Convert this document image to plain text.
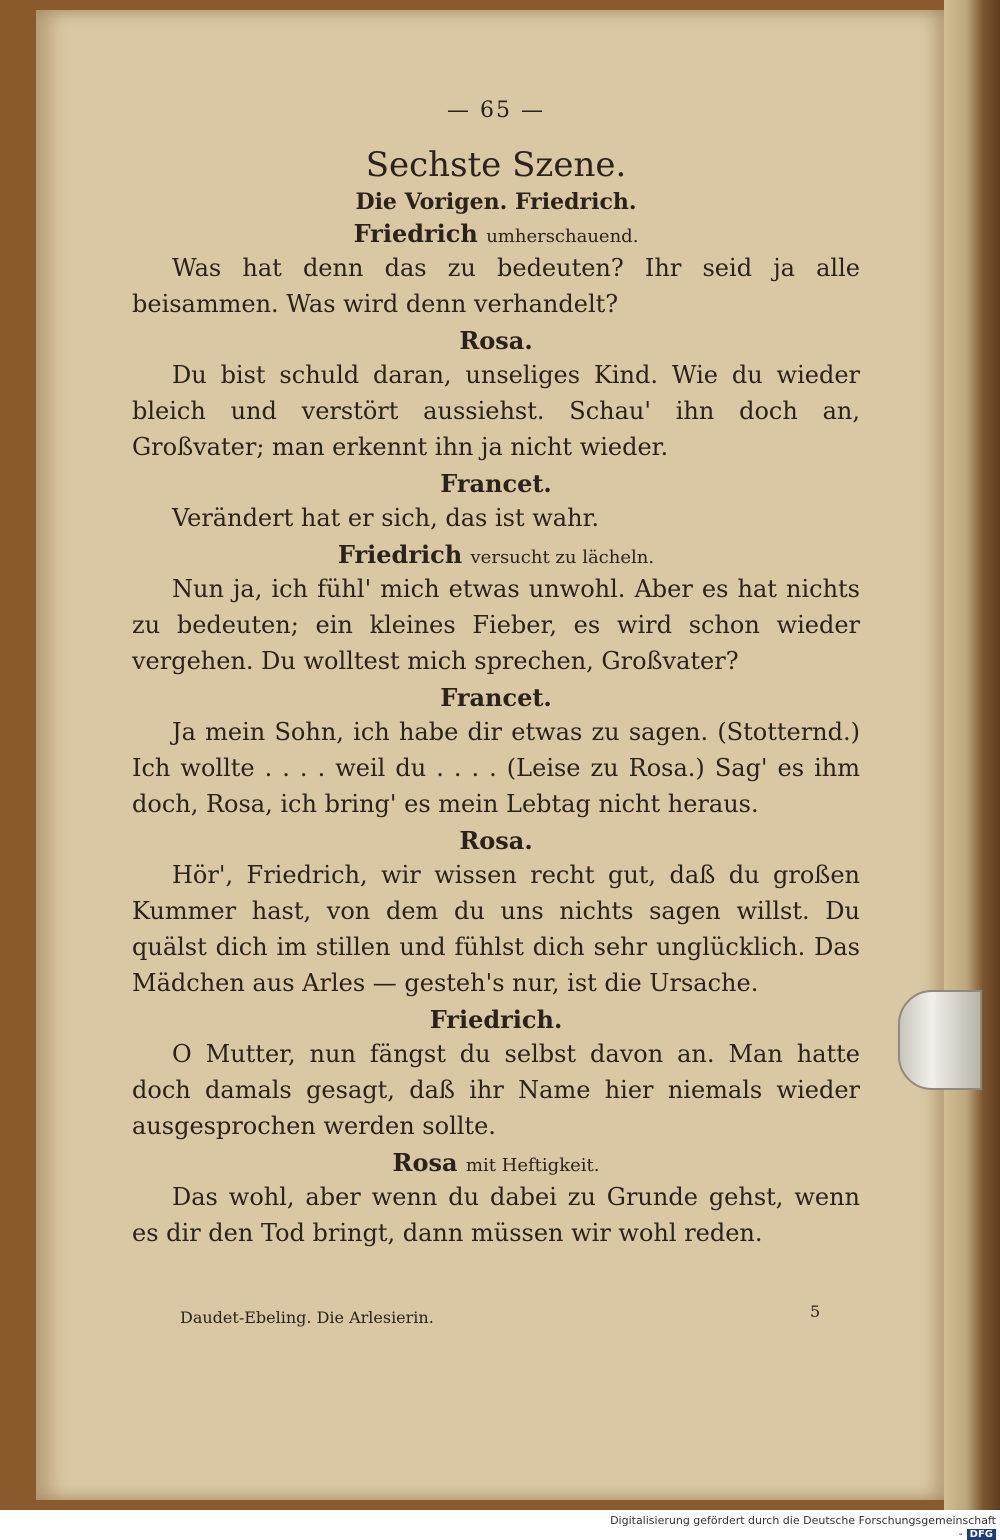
— 65 —
Sechste Szene.
Die Vorigen. Friedrich.
Friedrich umherschauend.

Was hat denn das zu bedeuten? Ihr seid ja alle beisammen. Was wird denn verhandelt?

Rosa.

Du bist schuld daran, unseliges Kind. Wie du wieder bleich und verstört aussiehst. Schau' ihn doch an, Großvater; man erkennt ihn ja nicht wieder.

Francet.

Verändert hat er sich, das ist wahr.

Friedrich versucht zu lächeln.

Nun ja, ich fühl' mich etwas unwohl. Aber es hat nichts zu bedeuten; ein kleines Fieber, es wird schon wieder vergehen. Du wolltest mich sprechen, Großvater?

Francet.

Ja mein Sohn, ich habe dir etwas zu sagen. (Stotternd.) Ich wollte . . . . weil du . . . . (Leise zu Rosa.) Sag' es ihm doch, Rosa, ich bring' es mein Lebtag nicht heraus.

Rosa.

Hör', Friedrich, wir wissen recht gut, daß du großen Kummer hast, von dem du uns nichts sagen willst. Du quälst dich im stillen und fühlst dich sehr unglücklich. Das Mädchen aus Arles — gesteh's nur, ist die Ursache.

Friedrich.

O Mutter, nun fängst du selbst davon an. Man hatte doch damals gesagt, daß ihr Name hier niemals wieder ausgesprochen werden sollte.

Rosa mit Heftigkeit.

Das wohl, aber wenn du dabei zu Grunde gehst, wenn es dir den Tod bringt, dann müssen wir wohl reden.

Daudet-Ebeling. Die Arlesierin.	5
Digitalisierung gefördert durch die Deutsche Forschungsgemeinschaft - DFG
